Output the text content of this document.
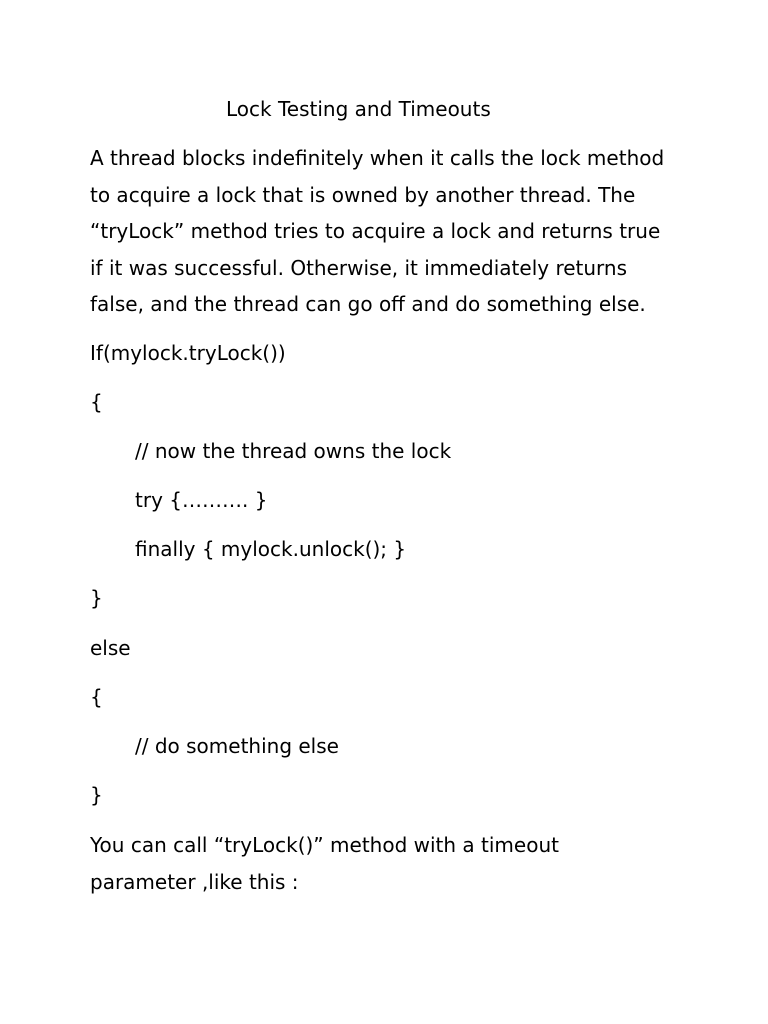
Lock Testing and Timeouts
A thread blocks indefinitely when it calls the lock method
to acquire a lock that is owned by another thread. The
“tryLock” method tries to acquire a lock and returns true
if it was successful. Otherwise, it immediately returns
false, and the thread can go off and do something else.
If(mylock.tryLock())
{
// now the thread owns the lock
try {………. }
finally { mylock.unlock(); }
}
else
{
// do something else
}
You can call “tryLock()” method with a timeout
parameter ,like this :
